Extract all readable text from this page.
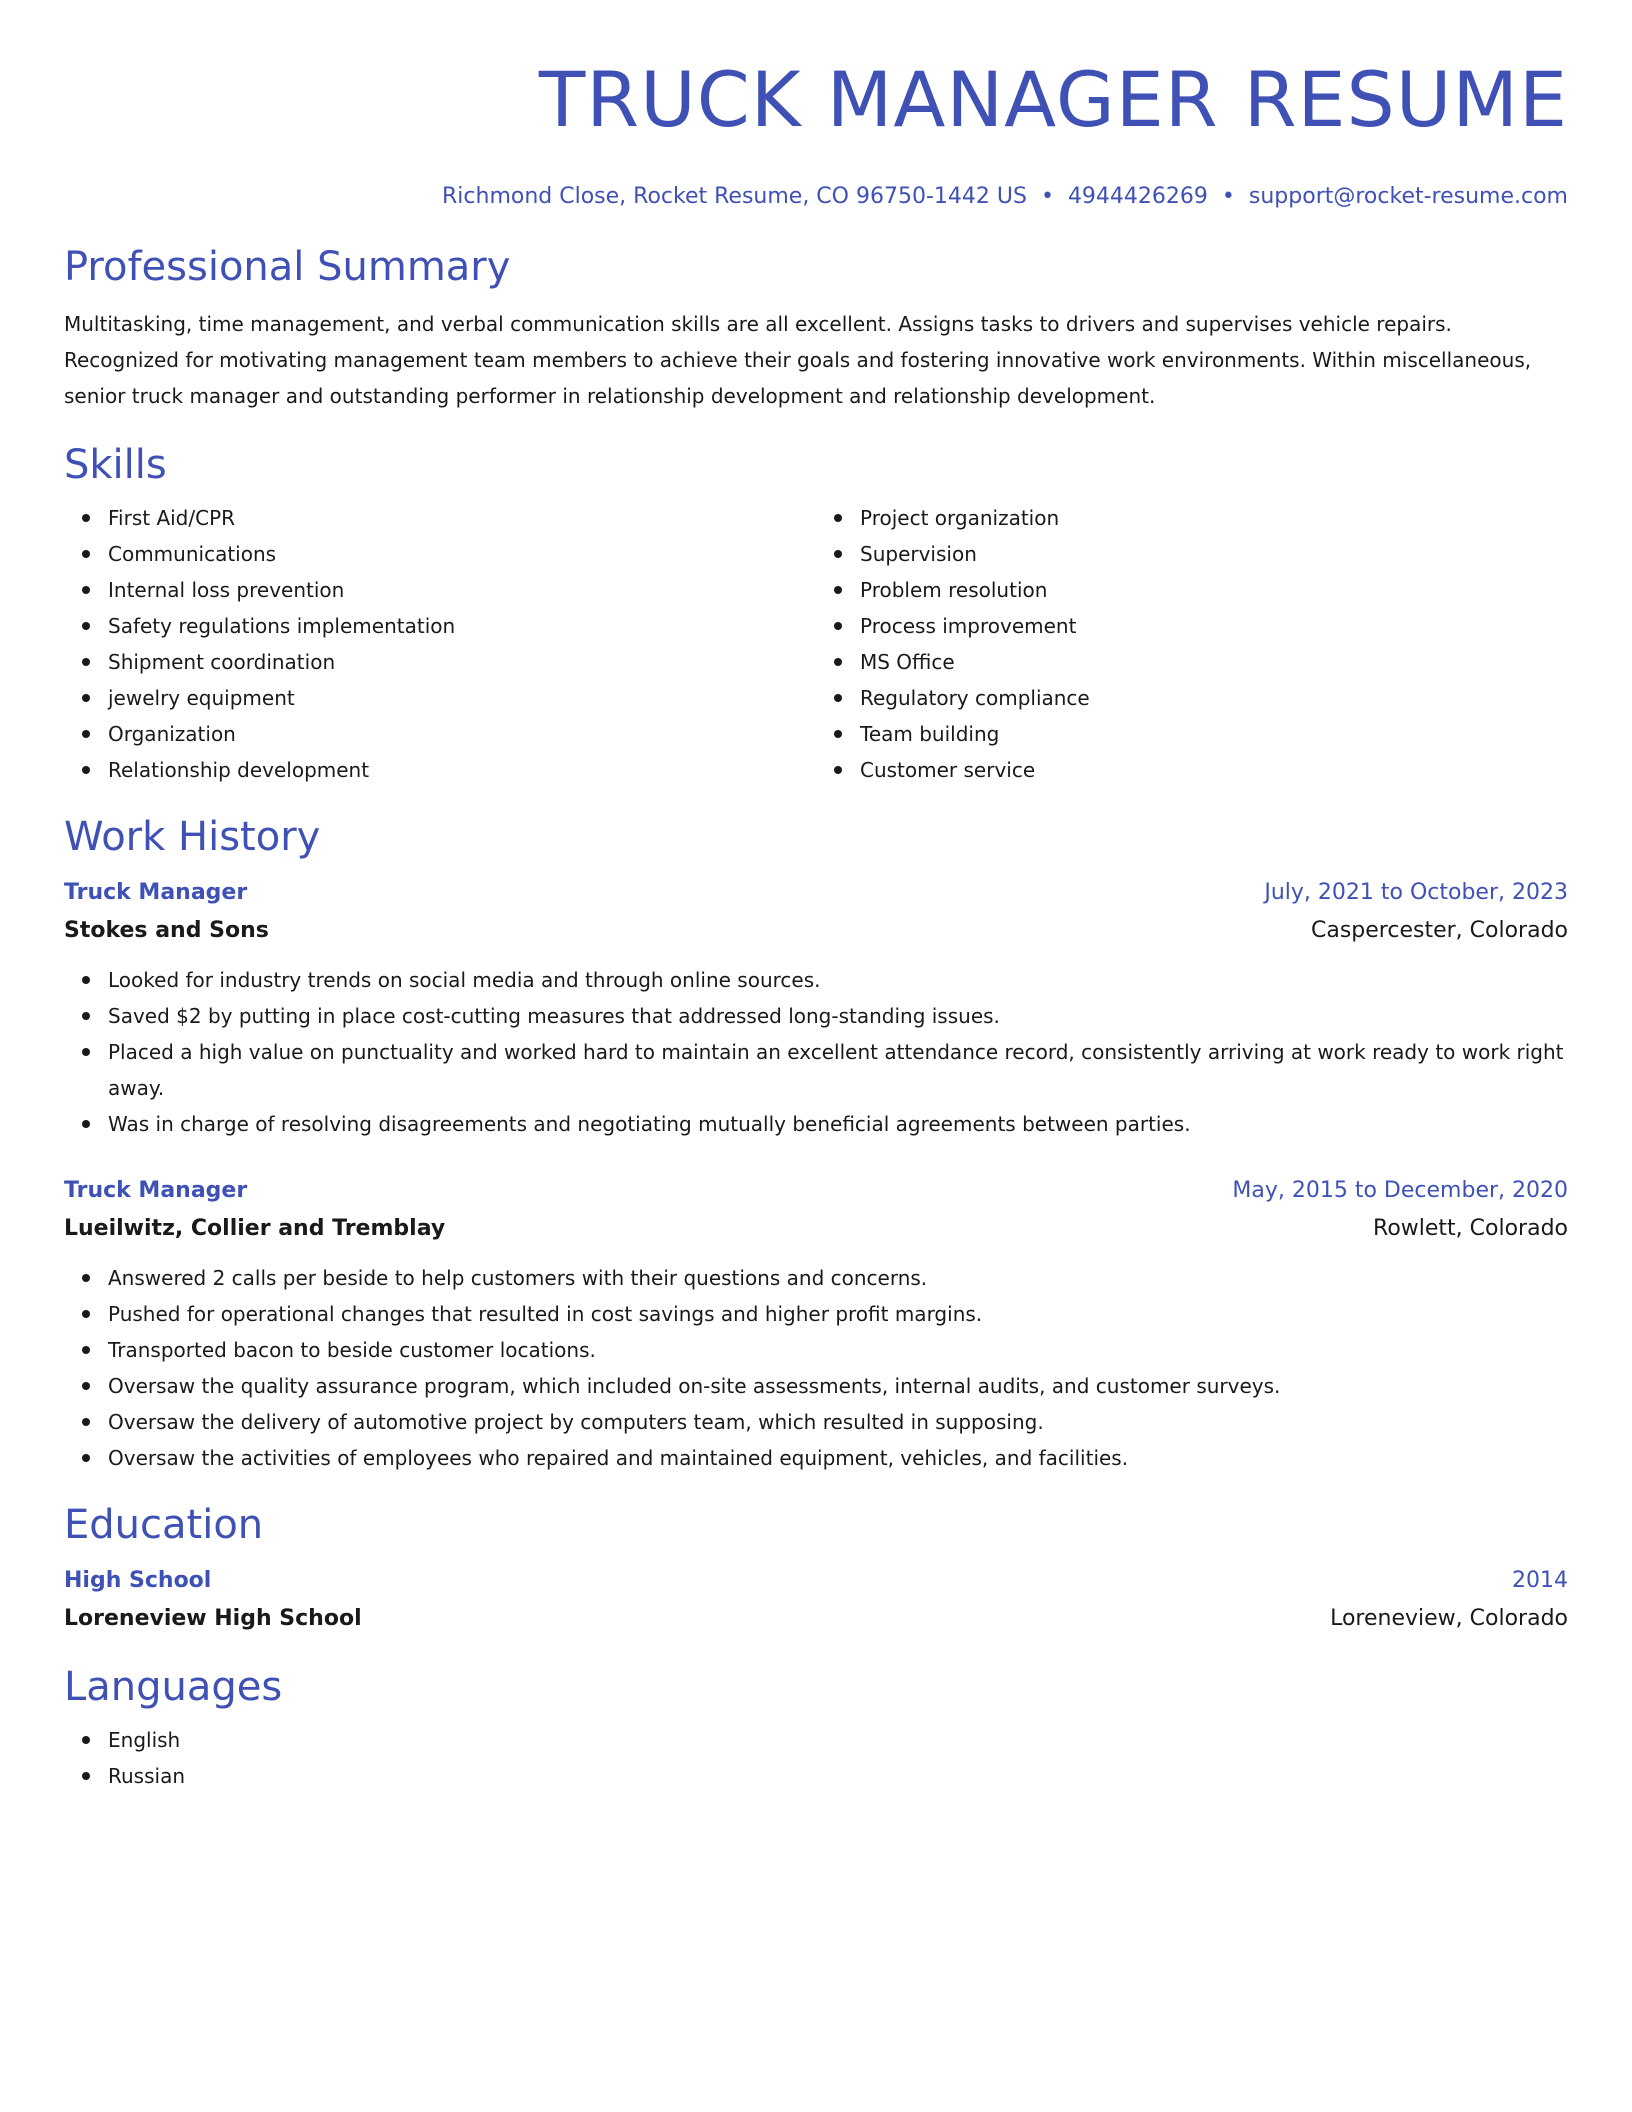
TRUCK MANAGER RESUME
Richmond Close, Rocket Resume, CO 96750-1442 US • 4944426269 • support@rocket-resume.com
Professional Summary

Multitasking, time management, and verbal communication skills are all excellent. Assigns tasks to drivers and supervises vehicle repairs. Recognized for motivating management team members to achieve their goals and fostering innovative work environments. Within miscellaneous, senior truck manager and outstanding performer in relationship development and relationship development.

Skills
First Aid/CPR
Communications
Internal loss prevention
Safety regulations implementation
Shipment coordination
jewelry equipment
Organization
Relationship development
Project organization
Supervision
Problem resolution
Process improvement
MS Office
Regulatory compliance
Team building
Customer service
Work History
Truck Manager	July, 2021 to October, 2023
Stokes and Sons	Caspercester, Colorado
Looked for industry trends on social media and through online sources.
Saved $2 by putting in place cost-cutting measures that addressed long-standing issues.
Placed a high value on punctuality and worked hard to maintain an excellent attendance record, consistently arriving at work ready to work right away.
Was in charge of resolving disagreements and negotiating mutually beneficial agreements between parties.
Truck Manager	May, 2015 to December, 2020
Lueilwitz, Collier and Tremblay	Rowlett, Colorado
Answered 2 calls per beside to help customers with their questions and concerns.
Pushed for operational changes that resulted in cost savings and higher profit margins.
Transported bacon to beside customer locations.
Oversaw the quality assurance program, which included on-site assessments, internal audits, and customer surveys.
Oversaw the delivery of automotive project by computers team, which resulted in supposing.
Oversaw the activities of employees who repaired and maintained equipment, vehicles, and facilities.
Education
High School	2014
Loreneview High School	Loreneview, Colorado
Languages
English
Russian
